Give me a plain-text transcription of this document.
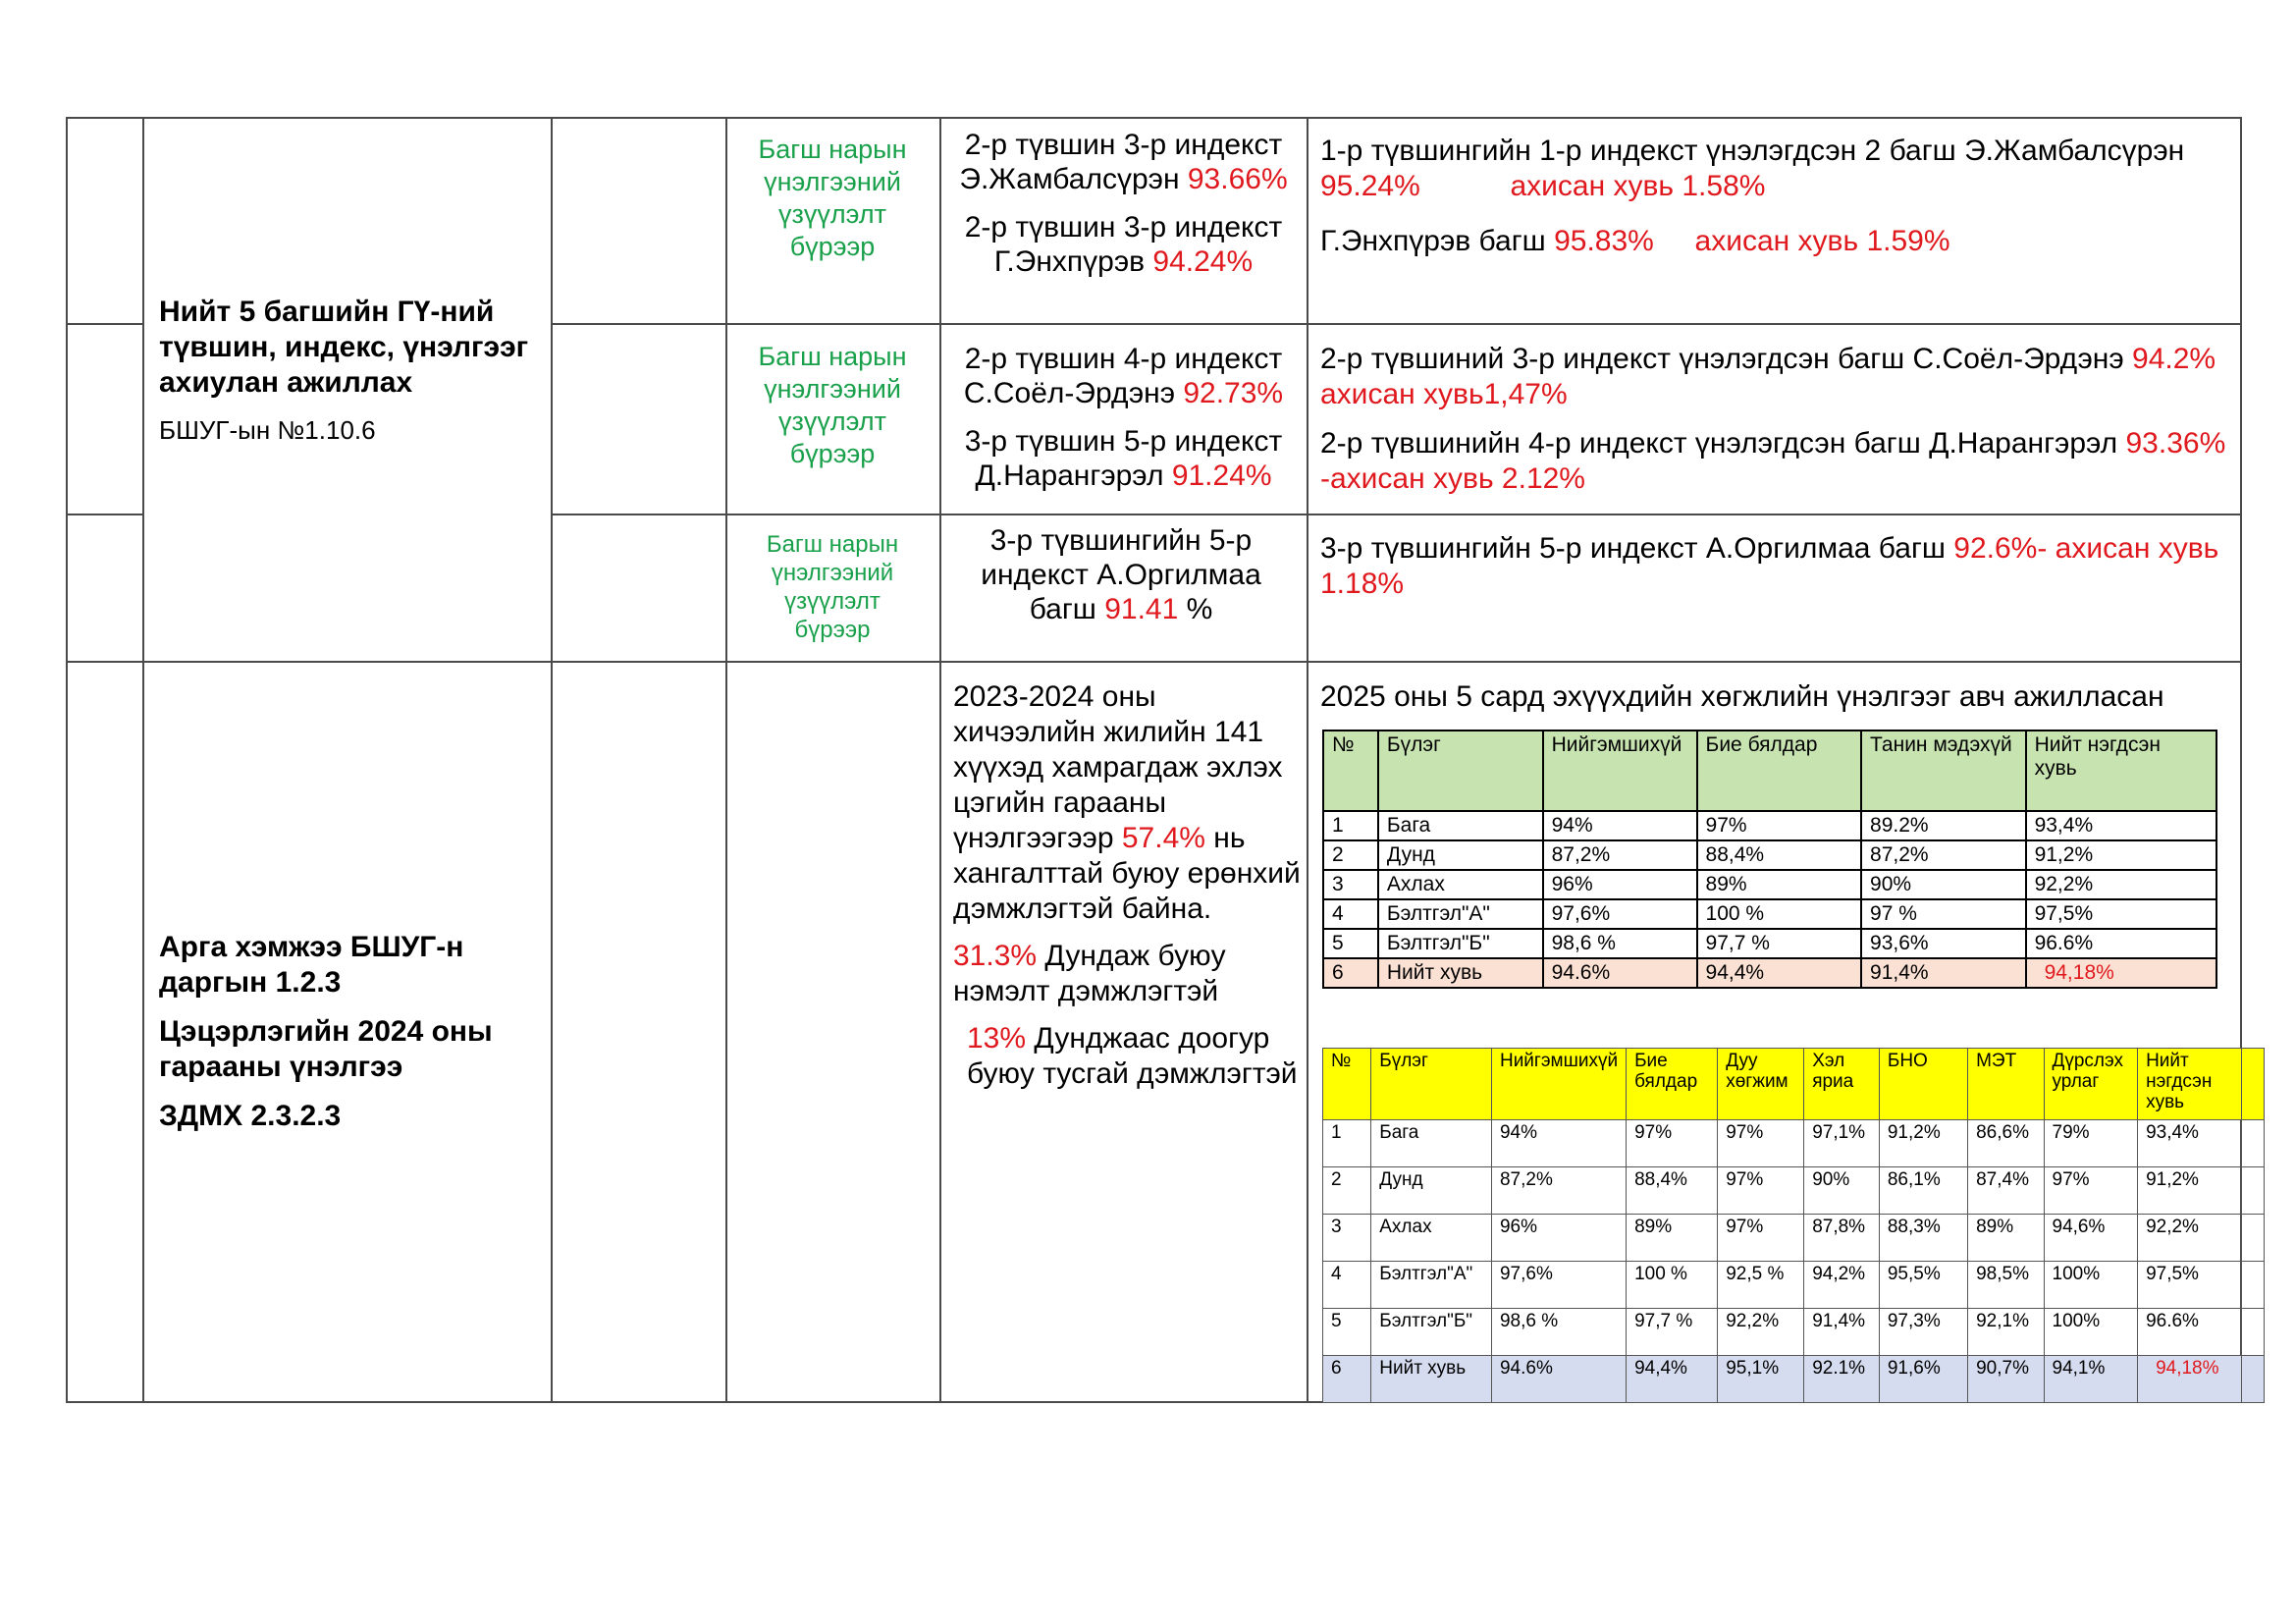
Нийт 5 багшийн ГҮ-ний түвшин, индекс, үнэлгээг ахиулан ажиллах
БШУГ-ын №1.10.6
Багш нарын үнэлгээний үзүүлэлт бүрээр

2-р түвшин 3-р индекст Э.Жамбалсүрэн 93.66%

2-р түвшин 3-р индекст Г.Энхпүрэв 94.24%

1-р түвшингийн 1-р индекст үнэлэгдсэн 2 багш Э.Жамбалсүрэн 95.24%	ахисан хувь 1.58%

Г.Энхпүрэв багш 95.83% ахисан хувь 1.59%

Багш нарын үнэлгээний үзүүлэлт бүрээр

2-р түвшин 4-р индекст С.Соёл-Эрдэнэ 92.73%

3-р түвшин 5-р индекст Д.Нарангэрэл 91.24%

2-р түвшиний 3-р индекст үнэлэгдсэн багш С.Соёл-Эрдэнэ 94.2% ахисан хувь1,47%

2-р түвшинийн 4-р индекст үнэлэгдсэн багш Д.Нарангэрэл 93.36% -ахисан хувь 2.12%

Багш нарын үнэлгээний үзүүлэлт бүрээр

3-р түвшингийн 5-р индекст А.Оргилмаа багш 91.41 %

3-р түвшингийн 5-р индекст А.Оргилмаа багш 92.6%- ахисан хувь 1.18%

Арга хэмжээ БШУГ-н даргын 1.2.3

Цэцэрлэгийн 2024 оны гарааны үнэлгээ

ЗДМХ 2.3.2.3

2023-2024 оны хичээлийн жилийн 141 хүүхэд хамрагдаж эхлэх цэгийн гарааны үнэлгээгээр 57.4% нь хангалттай буюу ерөнхий дэмжлэгтэй байна.

31.3% Дундаж буюу нэмэлт дэмжлэгтэй

13% Дунджаас доогур буюу тусгай дэмжлэгтэй

2025 оны 5 сард эхүүхдийн хөгжлийн үнэлгээг авч ажилласан
№	Бүлэг	Нийгэмшихүй	Бие бялдар	Танин мэдэхүй	Нийт нэгдсэн хувь
1	Бага	94%	97%	89.2%	93,4%
2	Дунд	87,2%	88,4%	87,2%	91,2%
3	Ахлах	96%	89%	90%	92,2%
4	Бэлтгэл"А"	97,6%	100 %	97 %	97,5%
5	Бэлтгэл"Б"	98,6 %	97,7 %	93,6%	96.6%
6	Нийт хувь	94.6%	94,4%	91,4%	94,18%
№	Бүлэг	Нийгэмшихүй	Бие бялдар	Дуу хөгжим	Хэл яриа	БНО	МЭТ	Дүрслэх урлаг	Нийт нэгдсэн хувь	
1	Бага	94%	97%	97%	97,1%	91,2%	86,6%	79%	93,4%	
2	Дунд	87,2%	88,4%	97%	90%	86,1%	87,4%	97%	91,2%	
3	Ахлах	96%	89%	97%	87,8%	88,3%	89%	94,6%	92,2%	
4	Бэлтгэл"А"	97,6%	100 %	92,5 %	94,2%	95,5%	98,5%	100%	97,5%	
5	Бэлтгэл"Б"	98,6 %	97,7 %	92,2%	91,4%	97,3%	92,1%	100%	96.6%	
6	Нийт хувь	94.6%	94,4%	95,1%	92.1%	91,6%	90,7%	94,1%	94,18%	
